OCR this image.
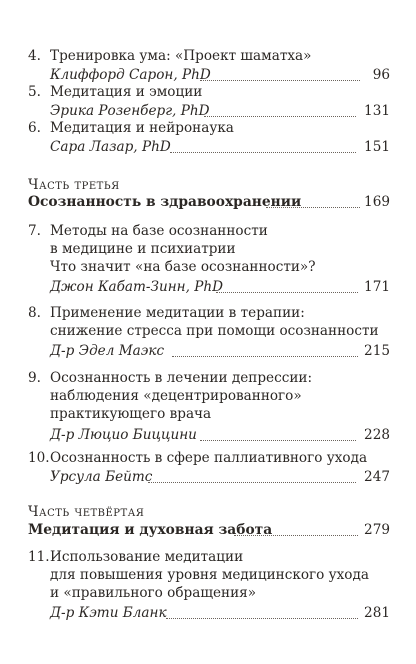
4. Тренировка ума: «Проект шаматха»
Клиффорд Сарон, PhD	96
5. Медитация и эмоции
Эрика Розенберг, PhD	131
6. Медитация и нейронаука
Сара Лазар, PhD	151
Часть третья
Осознанность в здравоохранении	169
7. Методы на базе осознанности
в медицине и психиатрии
Что значит «на базе осознанности»?
Джон Кабат-Зинн, PhD	171
8. Применение медитации в терапии:
снижение стресса при помощи осознанности
Д-р Эдел Маэкс	215
9. Осознанность в лечении депрессии:
наблюдения «децентрированного»
практикующего врача
Д-р Люцио Биццини	228
10. Осознанность в сфере паллиативного ухода
Урсула Бейтс	247
Часть четвёртая
Медитация и духовная забота	279
11. Использование медитации
для повышения уровня медицинского ухода
и «правильного обращения»
Д-р Кэти Бланк	281
